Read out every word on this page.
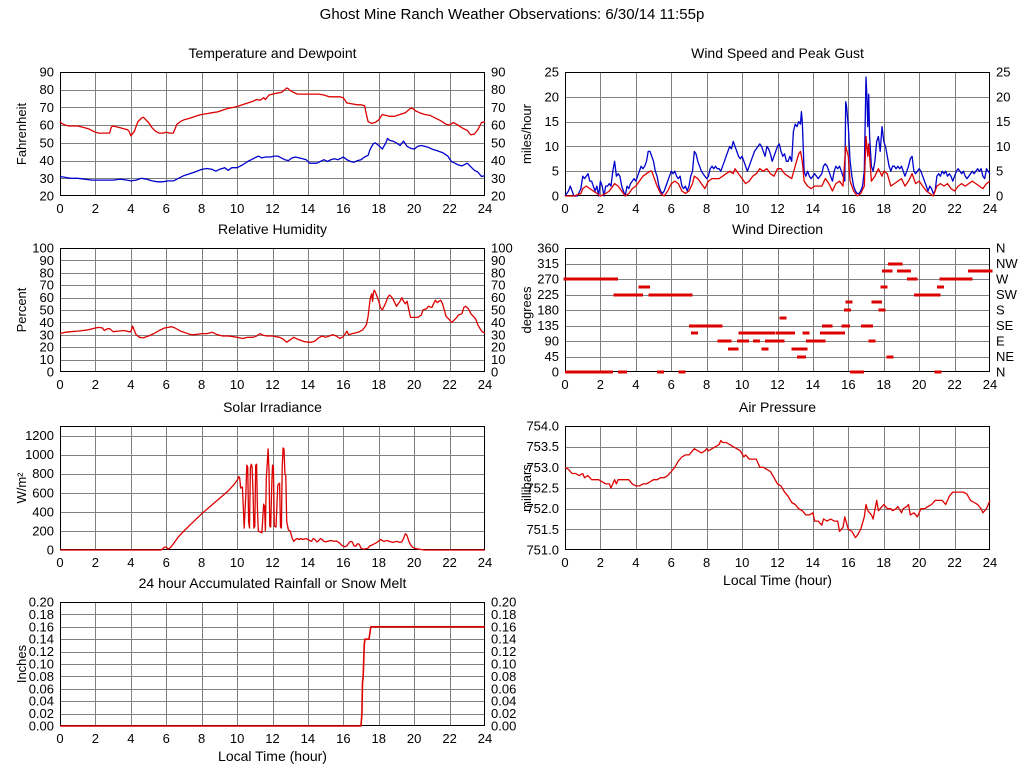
Ghost Mine Ranch Weather Observations: 6/30/14 11:55p
Temperature and Dewpoint
Fahrenheit
0 2 4 6 8 10 12 14 16 18 20 22 24
20	20
30	30
40	40
50	50
60	60
70	70
80	80
90	90
Wind Speed and Peak Gust
miles/hour
0 2 4 6 8 10 12 14 16 18 20 22 24
0	0
5	5
10	10
15	15
20	20
25	25
Relative Humidity
Percent
0 2 4 6 8 10 12 14 16 18 20 22 24
0	0
10	10
20	20
30	30
40	40
50	50
60	60
70	70
80	80
90	90
100	100
Wind Direction
degrees
0 2 4 6 8 10 12 14 16 18 20 22 24
0	N
45	NE
90	E
135	SE
180	S
225	SW
270	W
315	NW
360	N
Solar Irradiance
W/m²
0 2 4 6 8 10 12 14 16 18 20 22 24
0
200
400
600
800
1000
1200
Air Pressure
millibars
Local Time (hour)
0 2 4 6 8 10 12 14 16 18 20 22 24
751.0
751.5
752.0
752.5
753.0
753.5
754.0
24 hour Accumulated Rainfall or Snow Melt
Inches
Local Time (hour)
0 2 4 6 8 10 12 14 16 18 20 22 24
0.00	0.00
0.02	0.02
0.04	0.04
0.06	0.06
0.08	0.08
0.10	0.10
0.12	0.12
0.14	0.14
0.16	0.16
0.18	0.18
0.20	0.20
